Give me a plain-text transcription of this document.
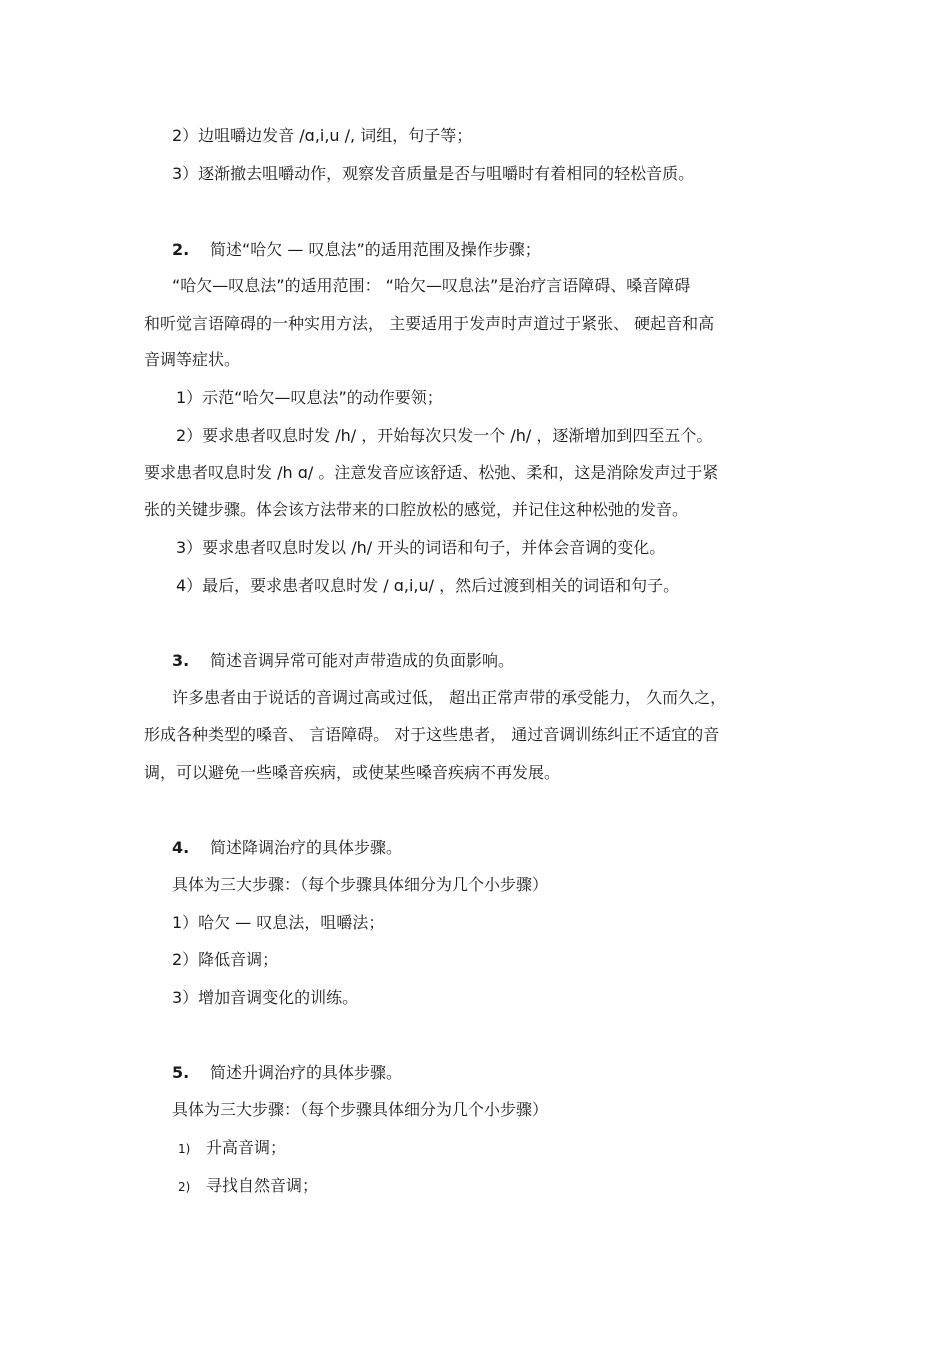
2）边咀嚼边发音 /ɑ,i,u /, 词组，句子等；
3）逐渐撤去咀嚼动作，观察发音质量是否与咀嚼时有着相同的轻松音质。
2. 简述“哈欠 — 叹息法”的适用范围及操作步骤；
“哈欠—叹息法”的适用范围： “哈欠—叹息法”是治疗言语障碍、嗓音障碍
和听觉言语障碍的一种实用方法， 主要适用于发声时声道过于紧张、 硬起音和高
音调等症状。
1）示范“哈欠—叹息法”的动作要领；
2）要求患者叹息时发 /h/ ，开始每次只发一个 /h/ ，逐渐增加到四至五个。
要求患者叹息时发 /h ɑ/ 。注意发音应该舒适、松弛、柔和，这是消除发声过于紧
张的关键步骤。体会该方法带来的口腔放松的感觉，并记住这种松弛的发音。
3）要求患者叹息时发以 /h/ 开头的词语和句子，并体会音调的变化。
4）最后，要求患者叹息时发 / ɑ,i,u/ ，然后过渡到相关的词语和句子。
3. 简述音调异常可能对声带造成的负面影响。
许多患者由于说话的音调过高或过低， 超出正常声带的承受能力， 久而久之，
形成各种类型的嗓音、 言语障碍。 对于这些患者， 通过音调训练纠正不适宜的音
调，可以避免一些嗓音疾病，或使某些嗓音疾病不再发展。
4. 简述降调治疗的具体步骤。
具体为三大步骤：（每个步骤具体细分为几个小步骤）
1）哈欠 — 叹息法，咀嚼法；
2）降低音调；
3）增加音调变化的训练。
5. 简述升调治疗的具体步骤。
具体为三大步骤：（每个步骤具体细分为几个小步骤）
1) 升高音调；
2) 寻找自然音调；
